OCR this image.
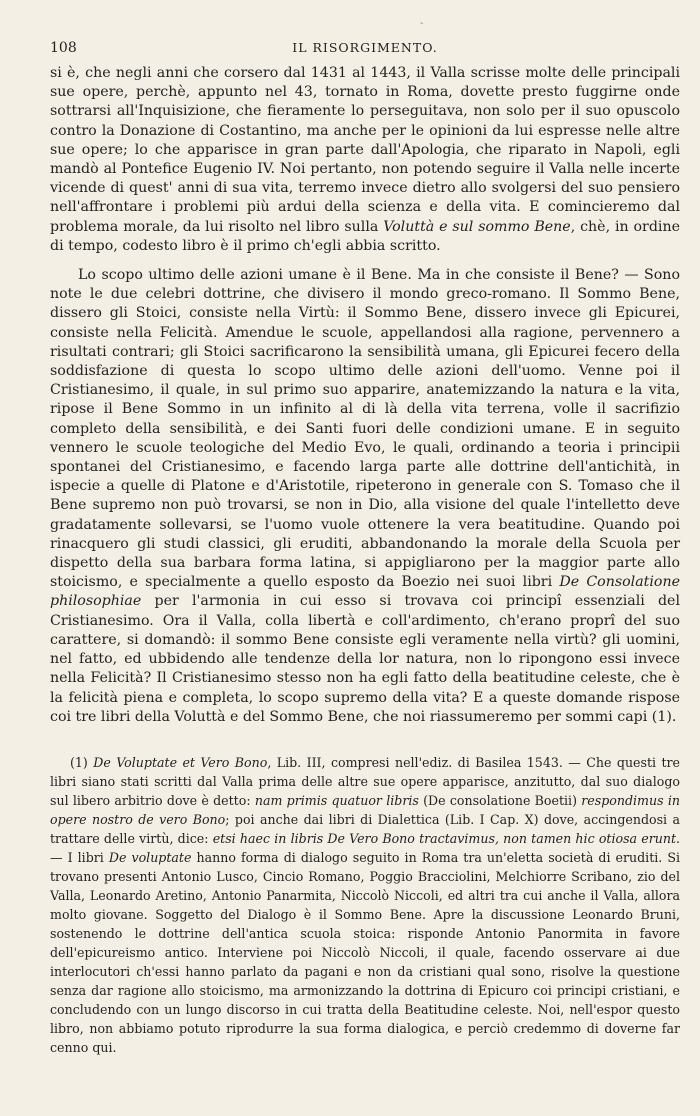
-
108	IL RISORGIMENTO.

si è, che negli anni che corsero dal 1431 al 1443, il Valla scrisse molte delle principali sue opere, perchè, appunto nel 43, tornato in Roma, dovette presto fuggirne onde sottrarsi all'Inquisizione, che fieramente lo perseguitava, non solo per il suo opuscolo contro la Donazione di Costantino, ma anche per le opinioni da lui espresse nelle altre sue opere; lo che apparisce in gran parte dall'Apologia, che riparato in Napoli, egli mandò al Pontefice Eugenio IV. Noi pertanto, non potendo seguire il Valla nelle incerte vicende di quest' anni di sua vita, terremo invece dietro allo svolgersi del suo pensiero nell'affrontare i problemi più ardui della scienza e della vita. E comincieremo dal problema morale, da lui risolto nel libro sulla Voluttà e sul sommo Bene, chè, in ordine di tempo, codesto libro è il primo ch'egli abbia scritto.

Lo scopo ultimo delle azioni umane è il Bene. Ma in che consiste il Bene? — Sono note le due celebri dottrine, che divisero il mondo greco-romano. Il Sommo Bene, dissero gli Stoici, consiste nella Virtù: il Sommo Bene, dissero invece gli Epicurei, consiste nella Felicità. Amendue le scuole, appellandosi alla ragione, pervennero a risultati contrari; gli Stoici sacrificarono la sensibilità umana, gli Epicurei fecero della soddisfazione di questa lo scopo ultimo delle azioni dell'uomo. Venne poi il Cristianesimo, il quale, in sul primo suo apparire, anatemizzando la natura e la vita, ripose il Bene Sommo in un infinito al di là della vita terrena, volle il sacrifizio completo della sensibilità, e dei Santi fuori delle condizioni umane. E in seguito vennero le scuole teologiche del Medio Evo, le quali, ordinando a teoria i principii spontanei del Cristianesimo, e facendo larga parte alle dottrine dell'antichità, in ispecie a quelle di Platone e d'Aristotile, ripeterono in generale con S. Tomaso che il Bene supremo non può trovarsi, se non in Dio, alla visione del quale l'intelletto deve gradatamente sollevarsi, se l'uomo vuole ottenere la vera beatitudine. Quando poi rinacquero gli studi classici, gli eruditi, abbandonando la morale della Scuola per dispetto della sua barbara forma latina, si appigliarono per la maggior parte allo stoicismo, e specialmente a quello esposto da Boezio nei suoi libri De Consolatione philosophiae per l'armonia in cui esso si trovava coi principî essenziali del Cristianesimo. Ora il Valla, colla libertà e coll'ardimento, ch'erano proprî del suo carattere, si domandò: il sommo Bene consiste egli veramente nella virtù? gli uomini, nel fatto, ed ubbidendo alle tendenze della lor natura, non lo ripongono essi invece nella Felicità? Il Cristianesimo stesso non ha egli fatto della beatitudine celeste, che è la felicità piena e completa, lo scopo supremo della vita? E a queste domande rispose coi tre libri della Voluttà e del Sommo Bene, che noi riassumeremo per sommi capi (1).

(1) De Voluptate et Vero Bono, Lib. III, compresi nell'ediz. di Basilea 1543. — Che questi tre libri siano stati scritti dal Valla prima delle altre sue opere apparisce, anzitutto, dal suo dialogo sul libero arbitrio dove è detto: nam primis quatuor libris (De consolatione Boetii) respondimus in opere nostro de vero Bono; poi anche dai libri di Dialettica (Lib. I Cap. X) dove, accingendosi a trattare delle virtù, dice: etsi haec in libris De Vero Bono tractavimus, non tamen hic otiosa erunt. — I libri De voluptate hanno forma di dialogo seguito in Roma tra un'eletta società di eruditi. Si trovano presenti Antonio Lusco, Cincio Romano, Poggio Bracciolini, Melchiorre Scribano, zio del Valla, Leonardo Aretino, Antonio Panarmita, Niccolò Niccoli, ed altri tra cui anche il Valla, allora molto giovane. Soggetto del Dialogo è il Sommo Bene. Apre la discussione Leonardo Bruni, sostenendo le dottrine dell'antica scuola stoica: risponde Antonio Panormita in favore dell'epicureismo antico. Interviene poi Niccolò Niccoli, il quale, facendo osservare ai due interlocutori ch'essi hanno parlato da pagani e non da cristiani qual sono, risolve la questione senza dar ragione allo stoicismo, ma armonizzando la dottrina di Epicuro coi principi cristiani, e concludendo con un lungo discorso in cui tratta della Beatitudine celeste. Noi, nell'espor questo libro, non abbiamo potuto riprodurre la sua forma dialogica, e perciò credemmo di doverne far cenno qui.
